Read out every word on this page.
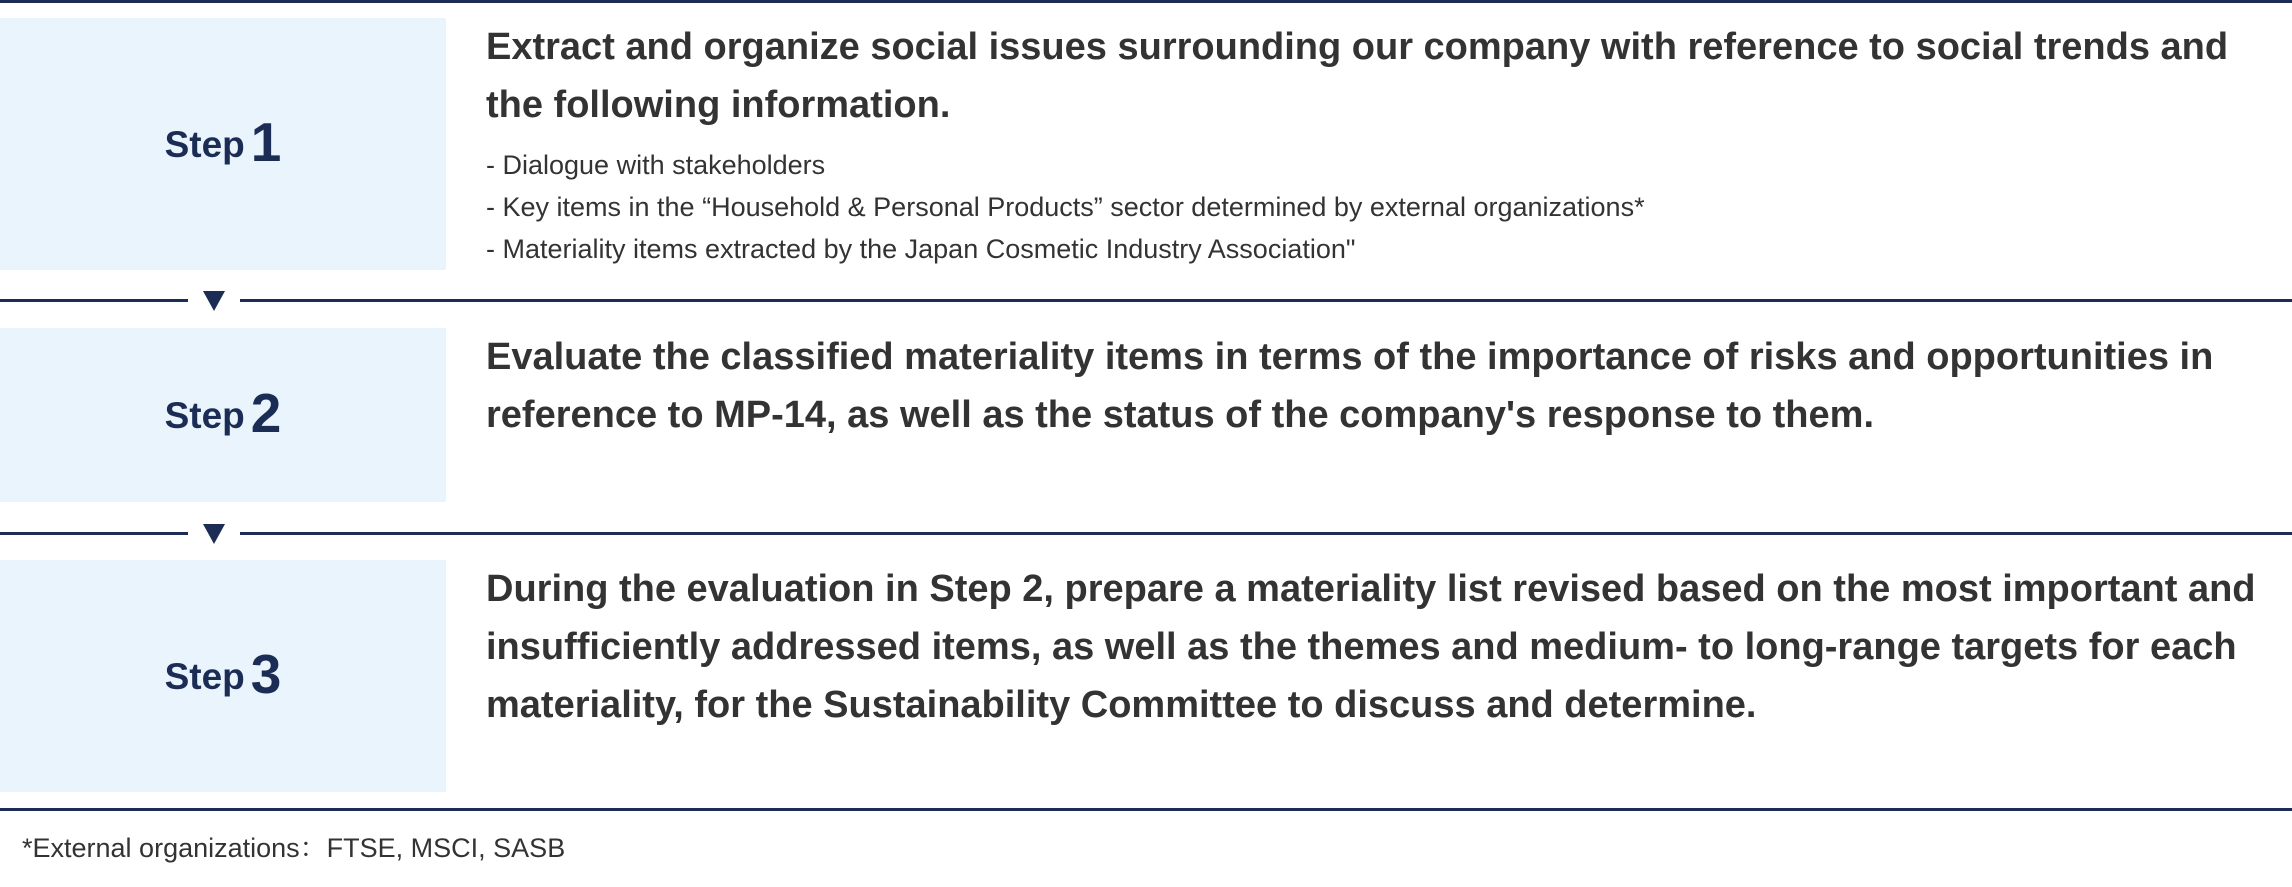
Step 1
Extract and organize social issues surrounding our company with reference to social trends and the following information.
- Dialogue with stakeholders
- Key items in the “Household & Personal Products” sector determined by external organizations*
- Materiality items extracted by the Japan Cosmetic Industry Association"
Step 2
Evaluate the classified materiality items in terms of the importance of risks and opportunities in reference to MP-14, as well as the status of the company's response to them.
Step 3
During the evaluation in Step 2, prepare a materiality list revised based on the most important and insufficiently addressed items, as well as the themes and medium- to long-range targets for each materiality, for the Sustainability Committee to discuss and determine.
*External organizations：FTSE, MSCI, SASB
